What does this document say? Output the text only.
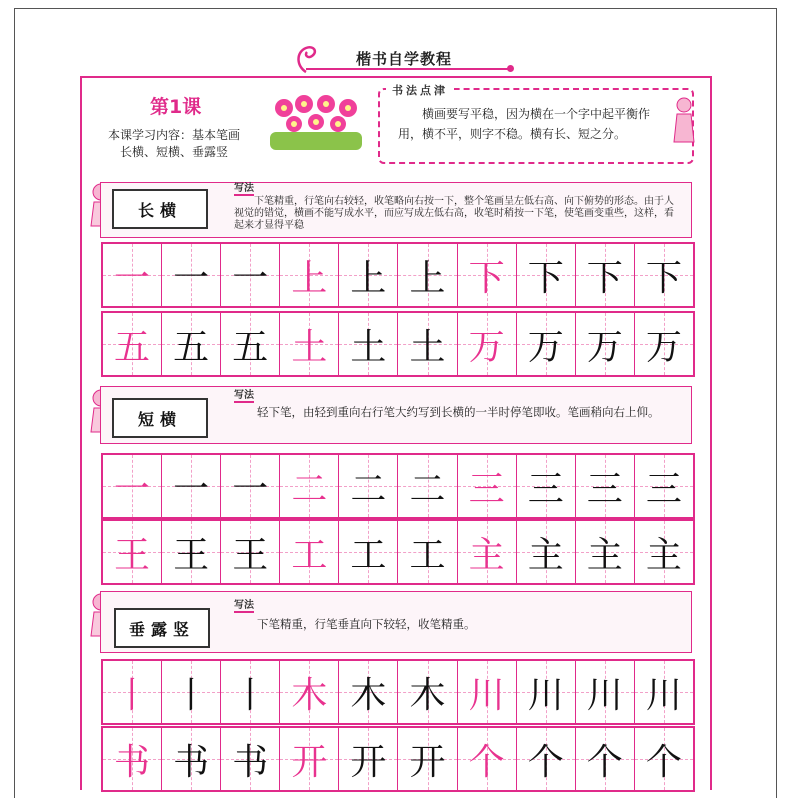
楷书自学教程
第1课
本课学习内容：基本笔画
长横、短横、垂露竖
书法点津
横画要写平稳，因为横在一个字中起平衡作用，横不平，则字不稳。横有长、短之分。
长横
写法
下笔精重，行笔向右较轻，收笔略向右按一下，整个笔画呈左低右高、向下俯势的形态。由于人视觉的错觉，横画不能写成水平，而应写成左低右高，收笔时稍按一下笔，使笔画变重些，这样，看起来才显得平稳
一 一 一 上 上 上 下 下 下 下
五 五 五 土 土 土 万 万 万 万
短横
写法
轻下笔，由轻到重向右行笔大约写到长横的一半时停笔即收。笔画稍向右上仰。
一 一 一 二 二 二 三 三 三 三
王 王 王 工 工 工 主 主 主 主
垂露竖
写法
下笔精重，行笔垂直向下较轻，收笔精重。
丨 丨 丨 木 木 木 川 川 川 川
书 书 书 开 开 开 个 个 个 个
